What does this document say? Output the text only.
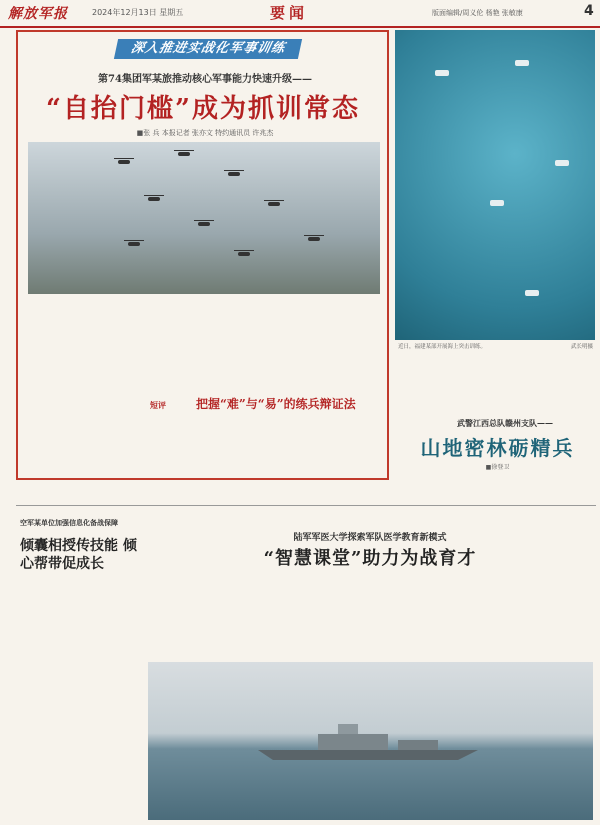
解放军报	2024年12月13日 星期五	要闻	版面编辑/周义伦 杨艳 张敏康	4
深入推进实战化军事训练
第74集团军某旅推动核心军事能力快速升级——
“自抬门槛”成为抓训常态
■张 兵 本报记者 张亦文 特约通讯员 许兆杰
短评	把握“难”与“易”的练兵辩证法
近日，福建某部开展海上突击训练。	武长明摄
武警江西总队赣州支队——
山地密林砺精兵
■徐登卫
空军某单位加强信息化备战保障
倾囊相授传技能 倾心帮带促成长
陆军军医大学探索军队医学教育新模式
“智慧课堂”助力为战育才
